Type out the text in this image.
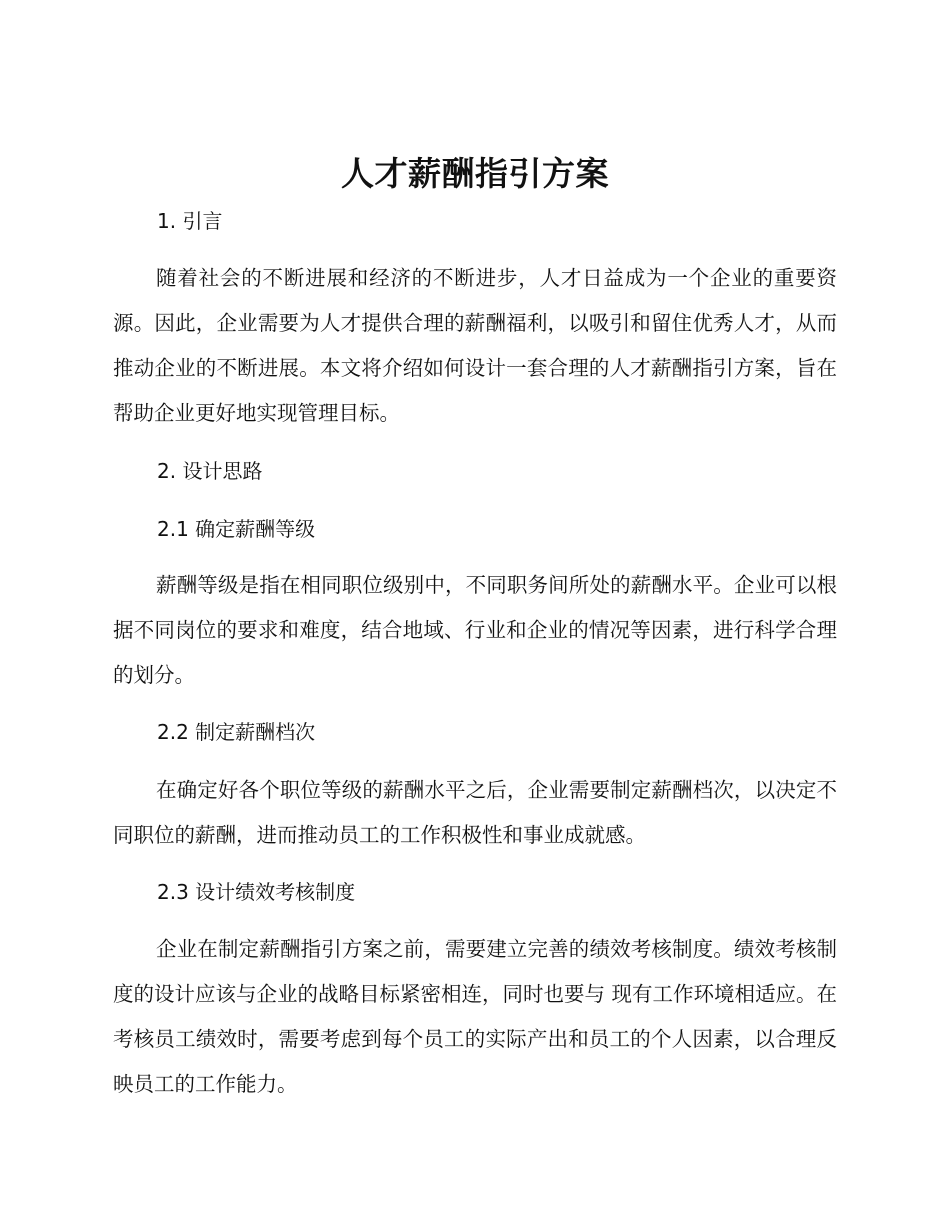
人才薪酬指引方案
1. 引言

随着社会的不断进展和经济的不断进步，人才日益成为一个企业的重要资源。因此，企业需要为人才提供合理的薪酬福利，以吸引和留住优秀人才，从而推动企业的不断进展。本文将介绍如何设计一套合理的人才薪酬指引方案，旨在帮助企业更好地实现管理目标。

2. 设计思路
2.1 确定薪酬等级

薪酬等级是指在相同职位级别中，不同职务间所处的薪酬水平。企业可以根据不同岗位的要求和难度，结合地域、行业和企业的情况等因素，进行科学合理的划分。

2.2 制定薪酬档次

在确定好各个职位等级的薪酬水平之后，企业需要制定薪酬档次，以决定不同职位的薪酬，进而推动员工的工作积极性和事业成就感。

2.3 设计绩效考核制度

企业在制定薪酬指引方案之前，需要建立完善的绩效考核制度。绩效考核制度的设计应该与企业的战略目标紧密相连，同时也要与 现有工作环境相适应。在考核员工绩效时，需要考虑到每个员工的实际产出和员工的个人因素，以合理反映员工的工作能力。
